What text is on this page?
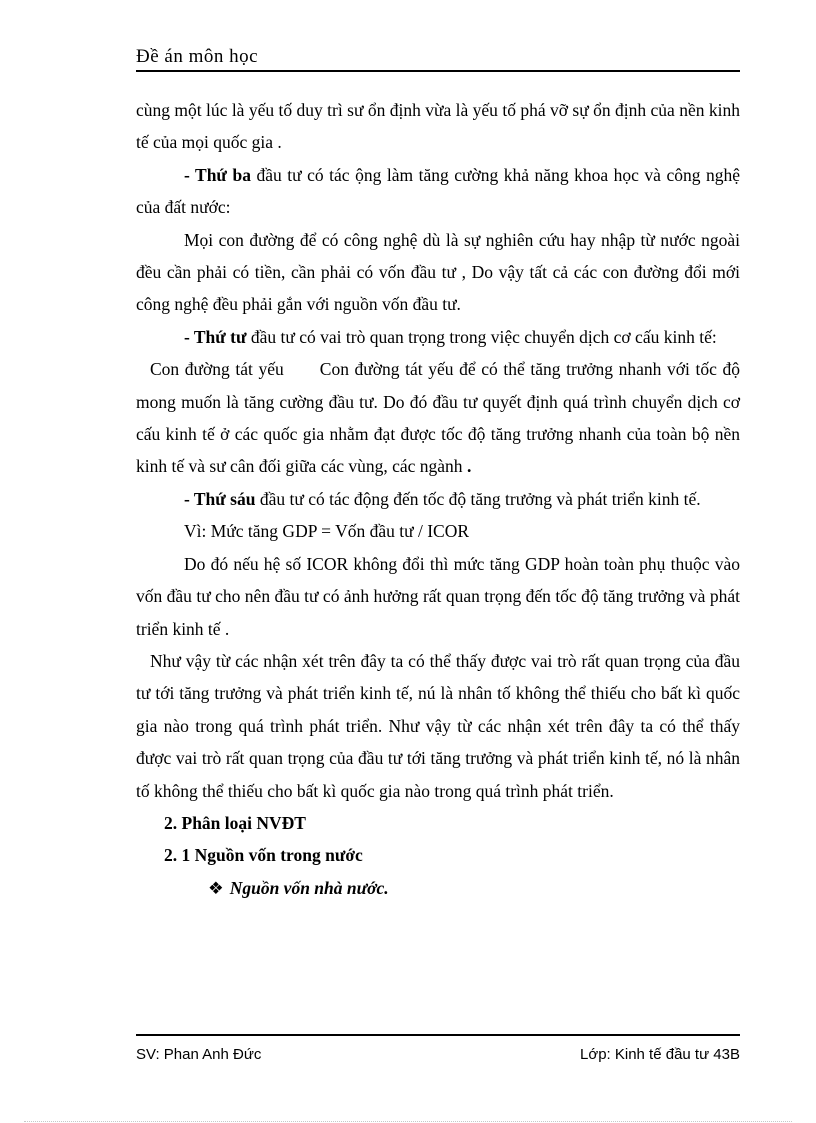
Đề án môn học

cùng một lúc là yếu tố duy trì sư ổn định vừa là yếu tố phá vỡ sự ổn định của nền kinh tế của mọi quốc gia .

- Thứ ba đầu tư có tác ộng làm tăng cường khả năng khoa học và công nghệ của đất nước:

Mọi con đường để có công nghệ dù là sự nghiên cứu hay nhập từ nước ngoài đều cần phải có tiền, cần phải có vốn đầu tư , Do vậy tất cả các con đường đổi mới công nghệ đều phải gắn với nguồn vốn đầu tư.

- Thứ tư đầu tư có vai trò quan trọng trong việc chuyển dịch cơ cấu kinh tế:

Con đường tát yếu Con đường tát yếu để có thể tăng trưởng nhanh với tốc độ mong muốn là tăng cường đầu tư. Do đó đầu tư quyết định quá trình chuyển dịch cơ cấu kinh tế ở các quốc gia nhằm đạt được tốc độ tăng trưởng nhanh của toàn bộ nền kinh tế và sư cân đối giữa các vùng, các ngành .

- Thứ sáu đầu tư có tác động đến tốc độ tăng trưởng và phát triển kinh tế.

Vì: Mức tăng GDP = Vốn đầu tư / ICOR

Do đó nếu hệ số ICOR không đổi thì mức tăng GDP hoàn toàn phụ thuộc vào vốn đầu tư cho nên đầu tư có ảnh hưởng rất quan trọng đến tốc độ tăng trưởng và phát triển kinh tế .

Như vậy từ các nhận xét trên đây ta có thể thấy được vai trò rất quan trọng của đầu tư tới tăng trưởng và phát triển kinh tế, nú là nhân tố không thể thiếu cho bất kì quốc gia nào trong quá trình phát triển. Như vậy từ các nhận xét trên đây ta có thể thấy được vai trò rất quan trọng của đầu tư tới tăng trưởng và phát triển kinh tế, nó là nhân tố không thể thiếu cho bất kì quốc gia nào trong quá trình phát triển.

2. Phân loại NVĐT

2. 1 Nguồn vốn trong nước

❖ Nguồn vốn nhà nước.

SV: Phan Anh Đức	Lớp: Kinh tế đầu tư 43B
